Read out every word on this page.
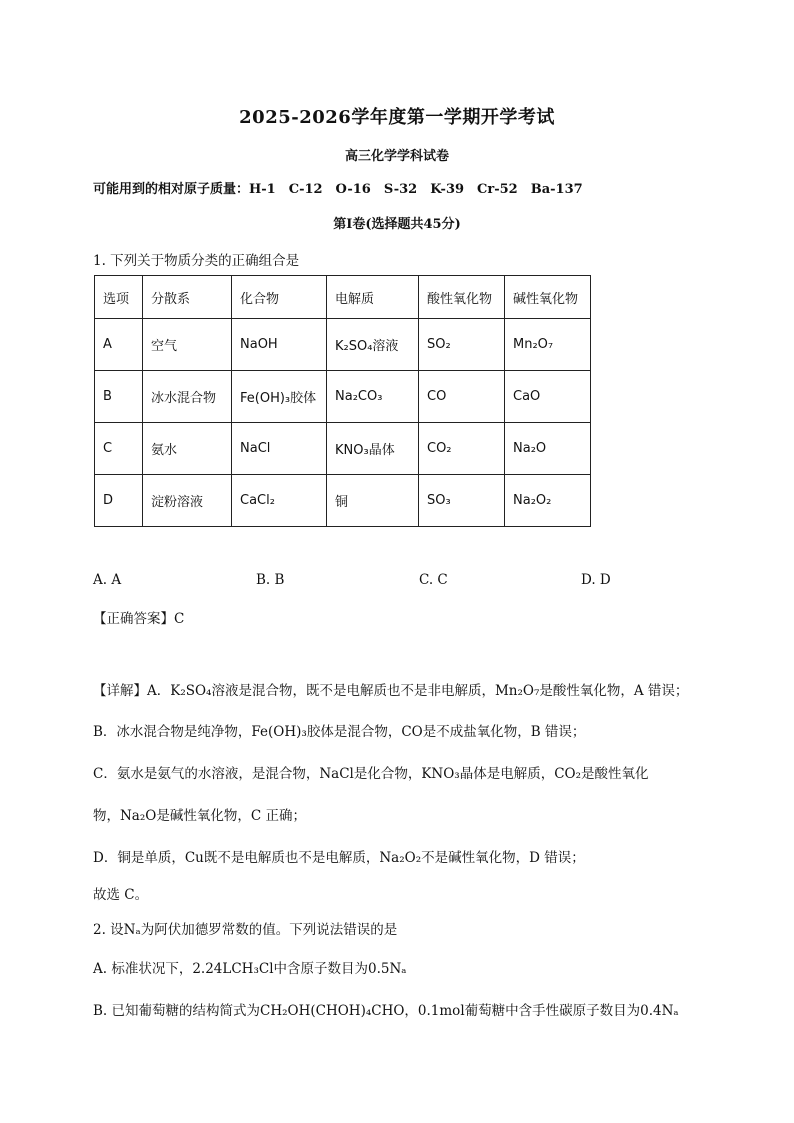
2025-2026学年度第一学期开学考试
高三化学学科试卷
可能用到的相对原子质量：H-1　C-12　O-16　S-32　K-39　Cr-52　Ba-137
第Ⅰ卷(选择题共45分)
1. 下列关于物质分类的正确组合是
选项	分散系	化合物	电解质	酸性氧化物	碱性氧化物
A	空气	NaOH	K₂SO₄溶液	SO₂	Mn₂O₇
B	冰水混合物	Fe(OH)₃胶体	Na₂CO₃	CO	CaO
C	氨水	NaCl	KNO₃晶体	CO₂	Na₂O
D	淀粉溶液	CaCl₂	铜	SO₃	Na₂O₂
A. A	B. B	C. C	D. D
【正确答案】C
【详解】A．K₂SO₄溶液是混合物，既不是电解质也不是非电解质，Mn₂O₇是酸性氧化物，A 错误；
B．冰水混合物是纯净物，Fe(OH)₃胶体是混合物，CO是不成盐氧化物，B 错误；
C．氨水是氨气的水溶液，是混合物，NaCl是化合物，KNO₃晶体是电解质，CO₂是酸性氧化
物，Na₂O是碱性氧化物，C 正确；
D．铜是单质，Cu既不是电解质也不是电解质，Na₂O₂不是碱性氧化物，D 错误；
故选 C。
2. 设Nₐ为阿伏加德罗常数的值。下列说法错误的是
A. 标准状况下，2.24LCH₃Cl中含原子数目为0.5Nₐ
B. 已知葡萄糖的结构简式为CH₂OH(CHOH)₄CHO，0.1mol葡萄糖中含手性碳原子数目为0.4Nₐ
